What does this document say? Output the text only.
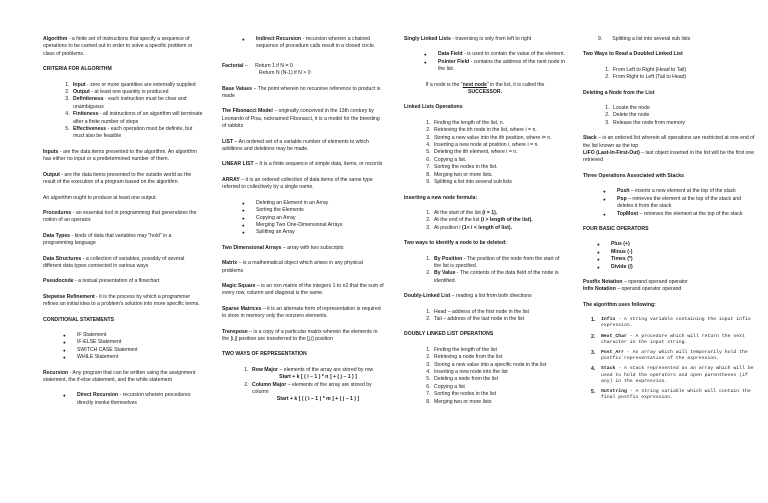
Algorithm - a finite set of instructions that specify a sequence of operations to be carried out in order to solve a specific problem or class of problems.
CRITERIA FOR ALGORITHM
1. Input - zero or more quantities are externally supplied
2. Output - at least one quantity is produced
3. Definiteness - each instruction must be clear and unambiguous
4. Finiteness - all instructions of an algorithm will terminate after a finite number of steps
5. Effectiveness - each operation must be definite, but must also be feasible
Inputs - are the data items presented to the algorithm. An algorithm has either no input or a predetermined number of them.
Output - are the data items presented to the outside world as the result of the execution of a program based on the algorithm.
An algorithm ought to produce at least one output.
Procedures - an essential tool in programming that generalizes the notion of an operator.
Data Types - kinds of data that variables may "hold" in a programming language
Data Structures - a collection of variables, possibly of several different data types connected in various ways
Pseudocode - a textual presentation of a flowchart
Stepwise Refinement - it is the process by which a programmer refines an initial idea to a problem's solution into more specific terms.
CONDITIONAL STATEMENTS
● IF Statement
● IF-ELSE Statement
● SWITCH CASE Statement
● WHILE Statement
Recursion - Any program that can be written using the assignment statement, the if-else statement, and the while statement
● Direct Recursion - recursion wherein procedures directly invoke themselves
● Indirect Recursion - recursion wherein a chained sequence of procedure calls result in a closed circle.
Factorial – Return 1 if N = 0
Return N (N-1) if N > 0
Base Values – The point wherein no recursive reference to product is made
The Fibonacci Model – originally conceived in the 13th century by Leonardo of Pisa, nicknamed Fibonacci, it is a model for the breeding of rabbits
LIST – An ordered set of a variable number of elements to which additions and deletions may be made.
LINEAR LIST – It is a finite sequence of simple data, items, or records
ARRAY – it is an ordered collection of data items of the same type referred to collectively by a single name.
● Deleting an Element in an Array
● Sorting the Elements
● Copying an Array
● Merging Two One-Dimensional Arrays
● Splitting an Array
Two Dimensional Arrays – array with two subscripts
Matrix – is a mathematical object which arises in any physical problems
Magic Square – is an nxn matrix of the integers 1 to n2 that the sum of every row, column and diagonal is the same.
Sparse Matrices – it is an alternate form of representation is required to store in memory only the nonzero elements.
Transpose – is a copy of a particular matrix wherein the elements in the [i,j] position are transferred to the [j,i] position
TWO WAYS OF REPRESENTATION
1. Row Major – elements of the array are stored by row
Start + k [ ( i – 1 ) * n ] + ( j – 1 ) ]
2. Column Major – elements of the array are stored by column
Start + k [ ( ( i – 1 ) * m ] + ( j – 1 ) ]
Singly Linked Lists - traversing is only from left to right
● Data Field - is used to contain the value of the element.
● Pointer Field - contains the address of the next node in the list.
If a node is the "next node" in the list, it is called the
SUCCESSOR.
Linked Lists Operations
1. Finding the length of the list, n.
2. Retrieving the ith node in the list, where i = n.
3. Storing a new value into the ith position, where i= n.
4. Inserting a new node at position i, where i = n.
5. Deleting the ith element, where i = n.
6. Copying a list.
7. Sorting the nodes in the list.
8. Merging two or more lists.
9. Splitting a list into several sub lists
Inserting a new node formula:
1. At the start of the list (i = 1).
2. At the end of the list (i > length of the list).
3. At position i (1< i < length of list).
Two ways to identify a node to be deleted:
1. By Position - The position of the node from the start of the list is specified.
2. By Value - The contents of the data field of the node is identified.
Doubly-Linked List – reading a list from both directions
1. Head – address of the first node in the list
2. Tail – address of the last node in the list
DOUBLY LINKED LIST OPERATIONS
1. Finding the length of the list
2. Retrieving a node from the list
3. Storing a new value into a specific node in the list
4. Inserting a new node into the list
5. Deleting a node from the list
6. Copying a list
7. Sorting the nodes in the list
8. Merging two or more lists
9. Splitting a list into several sub lists
Two Ways to Read a Doubled Linked List
1. From Left to Right (Head to Tail)
2. From Right to Left (Tail to Head)
Deleting a Node from the List
1. Locate the node
2. Delete the node
3. Release the node from memory
Stack – is an ordered list wherein all operations are restricted at one end of the list known as the top
LIFO (Last-In-First-Out) – last object inserted in the list will be the first one retrieved
Three Operations Associated with Stacks
● Push – inserts a new element at the top of the stack
● Pop – retrieves the element at the top of the stack and deletes it from the stack
● TopMost – retrieves the element at the top of the stack
FOUR BASIC OPERATORS
● Plus (+)
● Minus (-)
● Times (*)
● Divide (/)
Postfix Notation – operand operand operator
Infix Notation – operand operator operand
The algorithm uses following:
1.	Infix - A string variable containing the input infix expression.
2.	Next_Char - A procedure which will return the next character in the input string.
3.	Post_Arr - An array which will temporarily hold the postfix representation of the expression.
4.	Stack - A stack represented as an array which will be used to hold the operators and open parentheses (if any) in the expression.
5.	Outstring - A string variable which will contain the final postfix expression.
